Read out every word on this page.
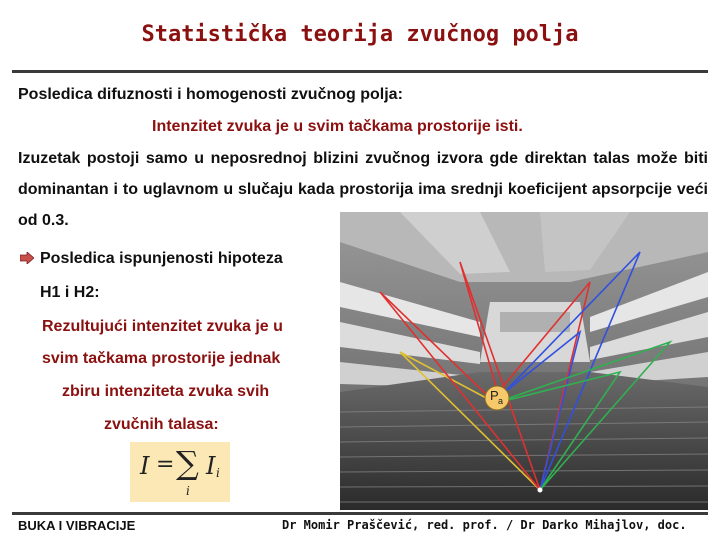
Statistička teorija zvučnog polja
Posledica difuznosti i homogenosti zvučnog polja:
Intenzitet zvuka je u svim tačkama prostorije isti.
Izuzetak postoji samo u neposrednoj blizini zvučnog izvora gde direktan talas može biti dominantan i to uglavnom u slučaju kada prostorija ima srednji koeficijent apsorpcije veći od 0.3.
Posledica ispunjenosti hipoteza
H1 i H2:
Rezultujući intenzitet zvuka je u
svim tačkama prostorije jednak
zbiru intenziteta zvuka svih
zvučnih talasa:
I = ∑
i
I i
P a
BUKA I VIBRACIJE	Dr Momir Praščević, red. prof. / Dr Darko Mihajlov, doc.
